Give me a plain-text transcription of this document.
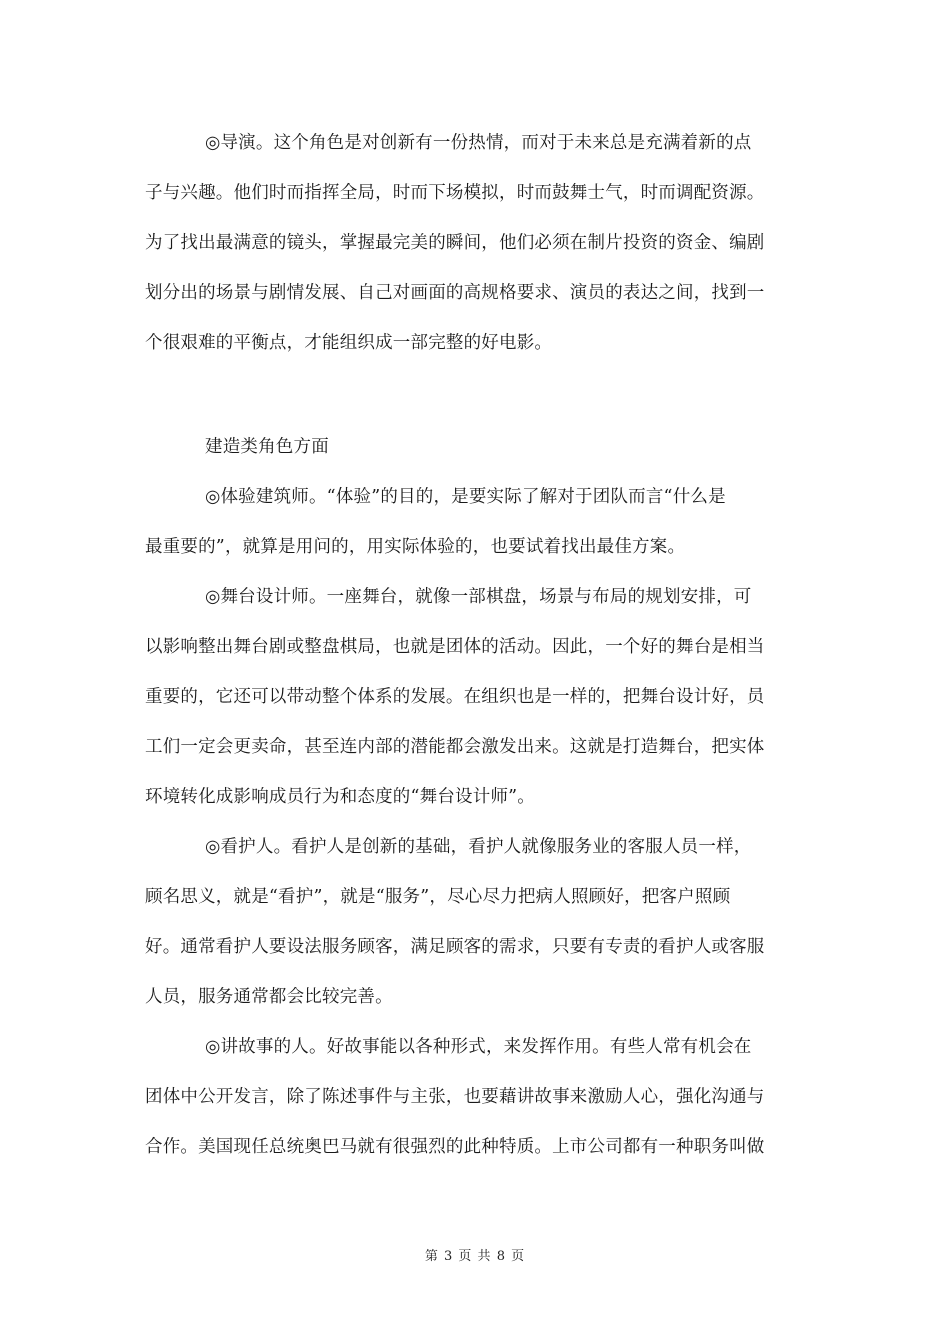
◎导演。这个角色是对创新有一份热情，而对于未来总是充满着新的点
子与兴趣。他们时而指挥全局，时而下场模拟，时而鼓舞士气，时而调配资源。
为了找出最满意的镜头，掌握最完美的瞬间，他们必须在制片投资的资金、编剧
划分出的场景与剧情发展、自己对画面的高规格要求、演员的表达之间，找到一
个很艰难的平衡点，才能组织成一部完整的好电影。
建造类角色方面
◎体验建筑师。“体验”的目的，是要实际了解对于团队而言“什么是
最重要的”，就算是用问的，用实际体验的，也要试着找出最佳方案。
◎舞台设计师。一座舞台，就像一部棋盘，场景与布局的规划安排，可
以影响整出舞台剧或整盘棋局，也就是团体的活动。因此，一个好的舞台是相当
重要的，它还可以带动整个体系的发展。在组织也是一样的，把舞台设计好，员
工们一定会更卖命，甚至连内部的潜能都会激发出来。这就是打造舞台，把实体
环境转化成影响成员行为和态度的“舞台设计师”。
◎看护人。看护人是创新的基础，看护人就像服务业的客服人员一样，
顾名思义，就是“看护”，就是“服务”，尽心尽力把病人照顾好，把客户照顾
好。通常看护人要设法服务顾客，满足顾客的需求，只要有专责的看护人或客服
人员，服务通常都会比较完善。
◎讲故事的人。好故事能以各种形式，来发挥作用。有些人常有机会在
团体中公开发言，除了陈述事件与主张，也要藉讲故事来激励人心，强化沟通与
合作。美国现任总统奥巴马就有很强烈的此种特质。上市公司都有一种职务叫做
第 3 页 共 8 页
